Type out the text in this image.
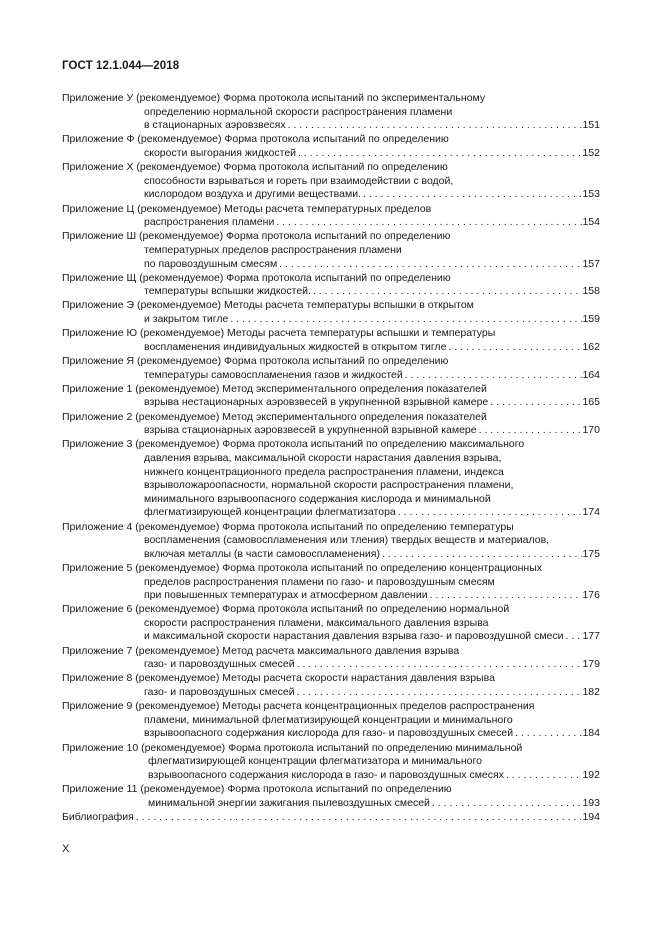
ГОСТ 12.1.044—2018
Приложение У (рекомендуемое) Форма протокола испытаний по экспериментальному
определению нормальной скорости распространения пламени
в стационарных аэровзвесях . . .	151
Приложение Ф (рекомендуемое) Форма протокола испытаний по определению
скорости выгорания жидкостей . . .	152
Приложение Х (рекомендуемое) Форма протокола испытаний по определению
способности взрываться и гореть при взаимодействии с водой,
кислородом воздуха и другими веществами. . . .	153
Приложение Ц (рекомендуемое) Методы расчета температурных пределов
распространения пламени . . .	154
Приложение Ш (рекомендуемое) Форма протокола испытаний по определению
температурных пределов распространения пламени
по паровоздушным смесям . . .	157
Приложение Щ (рекомендуемое) Форма протокола испытаний по определению
температуры вспышки жидкостей. . . .	158
Приложение Э (рекомендуемое) Методы расчета температуры вспышки в открытом
и закрытом тигле . . .	159
Приложение Ю (рекомендуемое) Методы расчета температуры вспышки и температуры
воспламенения индивидуальных жидкостей в открытом тигле . . .	162
Приложение Я (рекомендуемое) Форма протокола испытаний по определению
температуры самовоспламенения газов и жидкостей . . .	164
Приложение 1 (рекомендуемое) Метод экспериментального определения показателей
взрыва нестационарных аэровзвесей в укрупненной взрывной камере . . .	165
Приложение 2 (рекомендуемое) Метод экспериментального определения показателей
взрыва стационарных аэровзвесей в укрупненной взрывной камере . . .	170
Приложение 3 (рекомендуемое) Форма протокола испытаний по определению максимального
давления взрыва, максимальной скорости нарастания давления взрыва,
нижнего концентрационного предела распространения пламени, индекса
взрыволожароопасности, нормальной скорости распространения пламени,
минимального взрывоопасного содержания кислорода и минимальной
флегматизирующей концентрации флегматизатора . . .	174
Приложение 4 (рекомендуемое) Форма протокола испытаний по определению температуры
воспламенения (самовоспламенения или тления) твердых веществ и материалов,
включая металлы (в части самовоспламенения) . . .	175
Приложение 5 (рекомендуемое) Форма протокола испытаний по определению концентрационных
пределов распространения пламени по газо- и паровоздушным смесям
при повышенных температурах и атмосферном давлении . . .	176
Приложение 6 (рекомендуемое) Форма протокола испытаний по определению нормальной
скорости распространения пламени, максимального давления взрыва
и максимальной скорости нарастания давления взрыва газо- и паровоздушной смеси . . . 177
Приложение 7 (рекомендуемое) Метод расчета максимального давления взрыва
газо- и паровоздушных смесей . . .	179
Приложение 8 (рекомендуемое) Методы расчета скорости нарастания давления взрыва
газо- и паровоздушных смесей . . .	182
Приложение 9 (рекомендуемое) Методы расчета концентрационных пределов распространения
пламени, минимальной флегматизирующей концентрации и минимального
взрывоопасного содержания кислорода для газо- и паровоздушных смесей . . .	184
Приложение 10 (рекомендуемое) Форма протокола испытаний по определению минимальной
флегматизирующей концентрации флегматизатора и минимального
взрывоопасного содержания кислорода в газо- и паровоздушных смесях . . .	192
Приложение 11 (рекомендуемое) Форма протокола испытаний по определению
минимальной энергии зажигания пылевоздушных смесей . . .	193
Библиография . . .	194
X
